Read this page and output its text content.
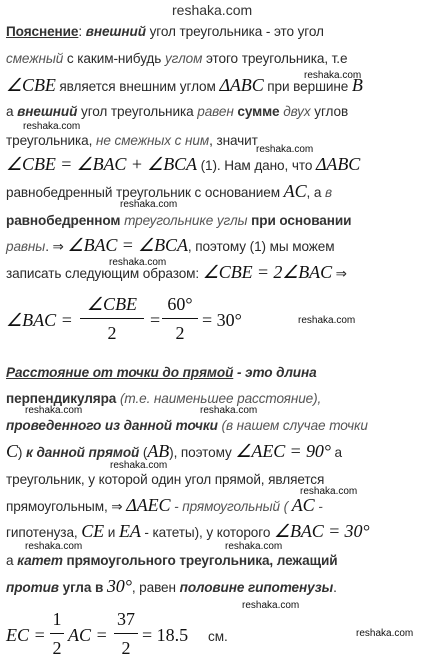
reshaka.com
Пояснение: внешний угол треугольника - это угол
смежный с каким-нибудь углом этого треугольника, т.е
∠CBE является внешним углом ΔABC при вершине B
reshaka.com
а внешний угол треугольника равен сумме двух углов
reshaka.com
треугольника, не смежных с ним, значит
reshaka.com
∠CBE = ∠BAC + ∠BCA (1). Нам дано, что ΔABC
равнобедренный треугольник с основанием AC, а в
reshaka.com
равнобедренном треугольнике углы при основании
равны. ⇒ ∠BAC = ∠BCA, поэтому (1) мы можем
reshaka.com
записать следующим образом: ∠CBE = 2∠BAC ⇒
∠BAC =
∠CBE
2
=
60°
2
= 30°	reshaka.com
Расстояние от точки до прямой - это длина
перпендикуляра (т.е. наименьшее расстояние),
reshaka.com	reshaka.com
проведенного из данной точки (в нашем случае точки
C) к данной прямой (AB), поэтому ∠AEC = 90° а
reshaka.com
треугольник, у которой один угол прямой, является
reshaka.com
прямоугольным, ⇒ ΔAEC - прямоугольный ( AC -
гипотенуза, CE и EA - катеты), у которого ∠BAC = 30°
reshaka.com	reshaka.com
а катет прямоугольного треугольника, лежащий
против угла в 30°, равен половине гипотенузы.
reshaka.com
EC =
1
2
AC =
37
2
= 18.5 см.	reshaka.com
